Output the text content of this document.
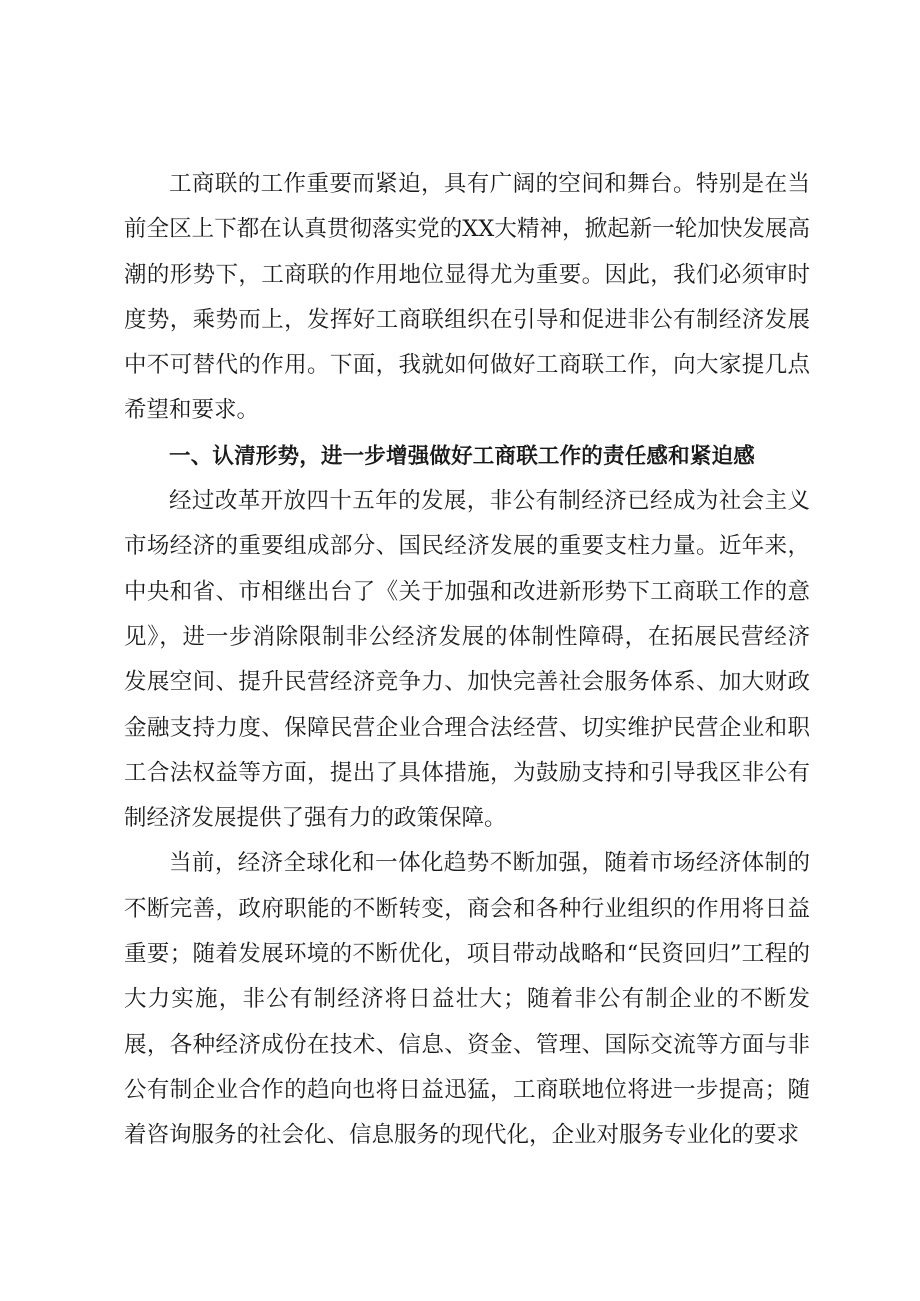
工商联的工作重要而紧迫，具有广阔的空间和舞台。特别是在当前全区上下都在认真贯彻落实党的XX大精神，掀起新一轮加快发展高潮的形势下，工商联的作用地位显得尤为重要。因此，我们必须审时度势，乘势而上，发挥好工商联组织在引导和促进非公有制经济发展中不可替代的作用。下面，我就如何做好工商联工作，向大家提几点希望和要求。

一、认清形势，进一步增强做好工商联工作的责任感和紧迫感

经过改革开放四十五年的发展，非公有制经济已经成为社会主义市场经济的重要组成部分、国民经济发展的重要支柱力量。近年来，中央和省、市相继出台了《关于加强和改进新形势下工商联工作的意见》，进一步消除限制非公经济发展的体制性障碍，在拓展民营经济发展空间、提升民营经济竞争力、加快完善社会服务体系、加大财政金融支持力度、保障民营企业合理合法经营、切实维护民营企业和职工合法权益等方面，提出了具体措施，为鼓励支持和引导我区非公有制经济发展提供了强有力的政策保障。

当前，经济全球化和一体化趋势不断加强，随着市场经济体制的不断完善，政府职能的不断转变，商会和各种行业组织的作用将日益重要；随着发展环境的不断优化，项目带动战略和“民资回归”工程的大力实施，非公有制经济将日益壮大；随着非公有制企业的不断发展，各种经济成份在技术、信息、资金、管理、国际交流等方面与非公有制企业合作的趋向也将日益迅猛，工商联地位将进一步提高；随着咨询服务的社会化、信息服务的现代化，企业对服务专业化的要求
